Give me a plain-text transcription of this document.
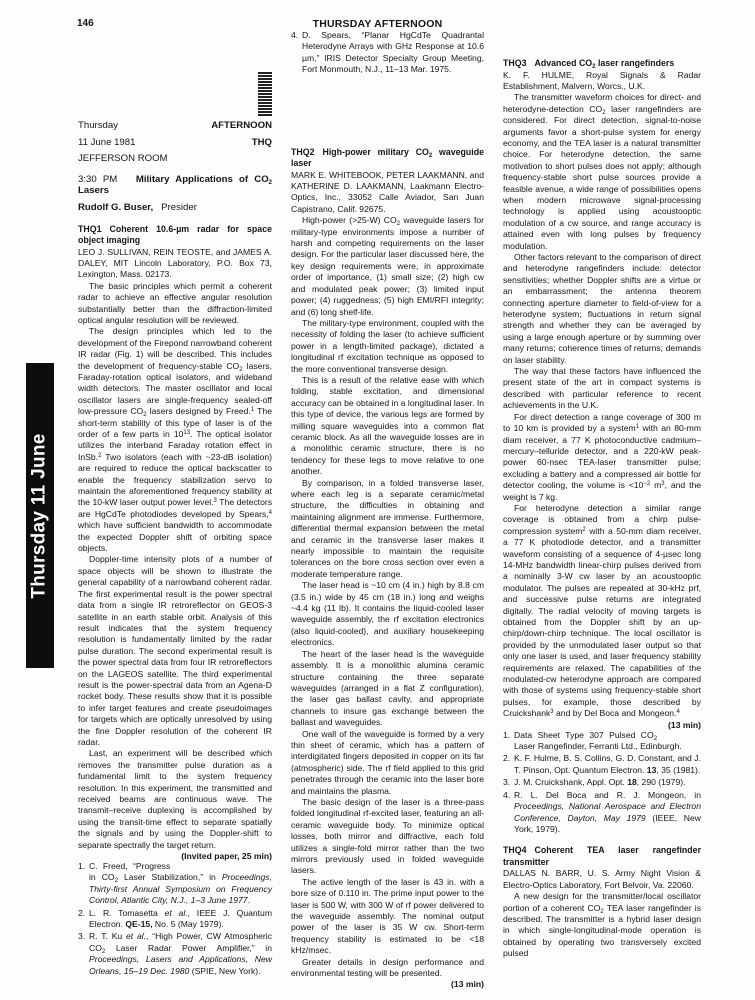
146	THURSDAY AFTERNOON
Thursday 11 June
Thursday	AFTERNOON
11 June 1981	THQ
JEFFERSON ROOM
3:30 PM Military Applications of $CO_2$ Lasers
Rudolf G. Buser, Presider
THQ1 Coherent 10.6-µm radar for space object imaging

LEO J. SULLIVAN, REIN TEOSTE, and JAMES A. DALEY, MIT Lincoln Laboratory, P.O. Box 73, Lexington, Mass. 02173.

The basic principles which permit a coherent radar to achieve an effective angular resolution substantially better than the diffraction-limited optical angular resolution will be reviewed.

The design principles which led to the development of the Firepond narrowband coherent IR radar (Fig. 1) will be described. This includes the development of frequency-stable $CO_2$ lasers, Faraday-rotation optical isolators, and wideband width detectors. The master oscillator and local oscillator lasers are single-frequency sealed-off low-pressure $CO_2$ lasers designed by Freed.$^1$ The short-term stability of this type of laser is of the order of a few parts in $10^{13}$. The optical isolator utilizes the interband Faraday rotation effect in InSb.$^2$ Two isolators (each with ~23-dB isolation) are required to reduce the optical backscatter to enable the frequency stabilization servo to maintain the aforementioned frequency stability at the 10-kW laser output power level.$^3$ The detectors are HgCdTe photodiodes developed by Spears,$^4$ which have sufficient bandwidth to accommodate the expected Doppler shift of orbiting space objects.

Doppler-time intensity plots of a number of space objects will be shown to illustrate the general capability of a narrowband coherent radar. The first experimental result is the power spectral data from a single IR retroreflector on GEOS-3 satellite in an earth stable orbit. Analysis of this result indicates that the system frequency resolution is fundamentally limited by the radar pulse duration. The second experimental result is the power spectral data from four IR retroreflectors on the LAGEOS satellite. The third experimental result is the power-spectral data from an Agena-D rocket body. These results show that it is possible to infer target features and create pseudoimages for targets which are optically unresolved by using the fine Doppler resolution of the coherent IR radar.

Last, an experiment will be described which removes the transmitter pulse duration as a fundamental limit to the system frequency resolution. In this experiment, the transmitted and received beams are continuous wave. The transmit–receive duplexing is accomplished by using the transit-time effect to separate spatially the signals and by using the Doppler-shift to separate spectrally the target return.
(Invited paper, 25 min)

1. C. Freed, “Progress in $CO_2$ Laser Stabilization,” in Proceedings, Thirty-first Annual Symposium on Frequency Control, Atlantic City, N.J., 1–3 June 1977.
2. L. R. Tomasetta et al., IEEE J. Quantum Electron. QE-15, No. 5 (May 1979).
3. R. T. Ku et al., “High Power, CW Atmospheric $CO_2$ Laser Radar Power Amplifier,” in Proceedings, Lasers and Applications, New Orleans, 15–19 Dec. 1980 (SPIE, New York).
4. D. Spears, “Planar HgCdTe Quadrantal Heterodyne Arrays with GHz Response at 10.6 µm,” IRIS Detector Specialty Group Meeting, Fort Monmouth, N.J., 11–13 Mar. 1975.
THQ2 High-power military $CO_2$ waveguide laser

MARK E. WHITEBOOK, PETER LAAKMANN, and KATHERINE D. LAAKMANN, Laakmann Electro-Optics, Inc., 33052 Calle Aviador, San Juan Capistrano, Calif. 92675.

High-power (>25-W) $CO_2$ waveguide lasers for military-type environments impose a number of harsh and competing requirements on the laser design. For the particular laser discussed here, the key design requirements were, in approximate order of importance, (1) small size; (2) high cw and modulated peak power; (3) limited input power; (4) ruggedness; (5) high EMI/RFI integrity; and (6) long shelf-life.

The military-type environment, coupled with the necessity of folding the laser (to achieve sufficient power in a length-limited package), dictated a longitudinal rf excitation technique as opposed to the more conventional transverse design.

This is a result of the relative ease with which folding, stable excitation, and dimensional accuracy can be obtained in a longitudinal laser. In this type of device, the various legs are formed by milling square waveguides into a common flat ceramic block. As all the waveguide losses are in a monolithic ceramic structure, there is no tendency for these legs to move relative to one another.

By comparison, in a folded transverse laser, where each leg is a separate ceramic/metal structure, the difficulties in obtaining and maintaining alignment are immense. Furthermore, differential thermal expansion between the metal and ceramic in the transverse laser makes it nearly impossible to maintain the requisite tolerances on the bore cross section over even a moderate temperature range.

The laser head is ~10 cm (4 in.) high by 8.8 cm (3.5 in.) wide by 45 cm (18 in.) long and weighs ~4.4 kg (11 lb). It contains the liquid-cooled laser waveguide assembly, the rf excitation electronics (also liquid-cooled), and auxiliary housekeeping electronics.

The heart of the laser head is the waveguide assembly. It is a monolithic alumina ceramic structure containing the three separate waveguides (arranged in a flat Z configuration), the laser gas ballast cavity, and appropriate channels to insure gas exchange between the ballast and waveguides.

One wall of the waveguide is formed by a very thin sheet of ceramic, which has a pattern of interdigitated fingers deposited in copper on its far (atmospheric) side. The rf field applied to this grid penetrates through the ceramic into the laser bore and maintains the plasma.

The basic design of the laser is a three-pass folded longitudinal rf-excited laser, featuring an all-ceramic waveguide body. To minimize optical losses, both mirror and diffractive, each fold utilizes a single-fold mirror rather than the two mirrors previously used in folded waveguide lasers.

The active length of the laser is 43 in. with a bore size of 0.110 in. The prime input power to the laser is 500 W, with 300 W of rf power delivered to the waveguide assembly. The nominal output power of the laser is 35 W cw. Short-term frequency stability is estimated to be <18 kHz/msec.

Greater details in design performance and environmental testing will be presented.
(13 min)

THQ3 Advanced $CO_2$ laser rangefinders

K. F. HULME, Royal Signals & Radar Establishment, Malvern, Worcs., U.K.

The transmitter waveform choices for direct- and heterodyne-detection $CO_2$ laser rangefinders are considered. For direct detection, signal-to-noise arguments favor a short-pulse system for energy economy, and the TEA laser is a natural transmitter choice. For heterodyne detection, the same motivation to short pulses does not apply; although frequency-stable short pulse sources provide a feasible avenue, a wide range of possibilities opens when modern microwave signal-processing technology is applied using acoustooptic modulation of a cw source, and range accuracy is attained even with long pulses by frequency modulation.

Other factors relevant to the comparison of direct and heterodyne rangefinders include: detector sensitivities; whether Doppler shifts are a virtue or an embarrassment; the antenna theorem connecting aperture diameter to field-of-view for a heterodyne system; fluctuations in return signal strength and whether they can be averaged by using a large enough aperture or by summing over many returns; coherence times of returns; demands on laser stability.

The way that these factors have influenced the present state of the art in compact systems is described with particular reference to recent achievements in the U.K.

For direct detection a range coverage of 300 m to 10 km is provided by a system$^1$ with an 80-mm diam receiver, a 77 K photoconductive cadmium–mercury–telluride detector, and a 220-kW peak-power 60-nsec TEA-laser transmitter pulse; excluding a battery and a compressed air bottle for detector cooling, the volume is $<10^{-2}$ $m^3$, and the weight is 7 kg.

For heterodyne detection a similar range coverage is obtained from a chirp pulse-compression system$^2$ with a 50-mm diam receiver, a 77 K photodiode detector, and a transmitter waveform consisting of a sequence of 4-µsec long 14-MHz bandwidth linear-chirp pulses derived from a nominally 3-W cw laser by an acoustooptic modulator. The pulses are repeated at 30-kHz prf, and successive pulse returns are integrated digitally. The radial velocity of moving targets is obtained from the Doppler shift by an up-chirp/down-chirp technique. The local oscillator is provided by the unmodulated laser output so that only one laser is used, and laser frequency stability requirements are relaxed. The capabilities of the modulated-cw heterodyne approach are compared with those of systems using frequency-stable short pulses, for example, those described by Cruickshank$^3$ and by Del Boca and Mongeon.$^4$
(13 min)

1. Data Sheet Type 307 Pulsed $CO_2$ Laser Rangefinder, Ferranti Ltd., Edinburgh.
2. K. F. Hulme, B. S. Collins, G. D. Constant, and J. T. Pinson, Opt. Quantum Electron. 13, 35 (1981).
3. J. M. Cruickshank, Appl. Opt. 18, 290 (1979).
4. R. L. Del Boca and R. J. Mongeon, in Proceedings, National Aerospace and Electron Conference, Dayton, May 1979 (IEEE, New York, 1979).
THQ4 Coherent TEA laser rangefinder transmitter

DALLAS N. BARR, U. S. Army Night Vision & Electro-Optics Laboratory, Fort Belvoir, Va. 22060.

A new design for the transmitter/local oscillator portion of a coherent $CO_2$ TEA laser rangefinder is described. The transmitter is a hybrid laser design in which single-longitudinal-mode operation is obtained by operating two transversely excited pulsed
